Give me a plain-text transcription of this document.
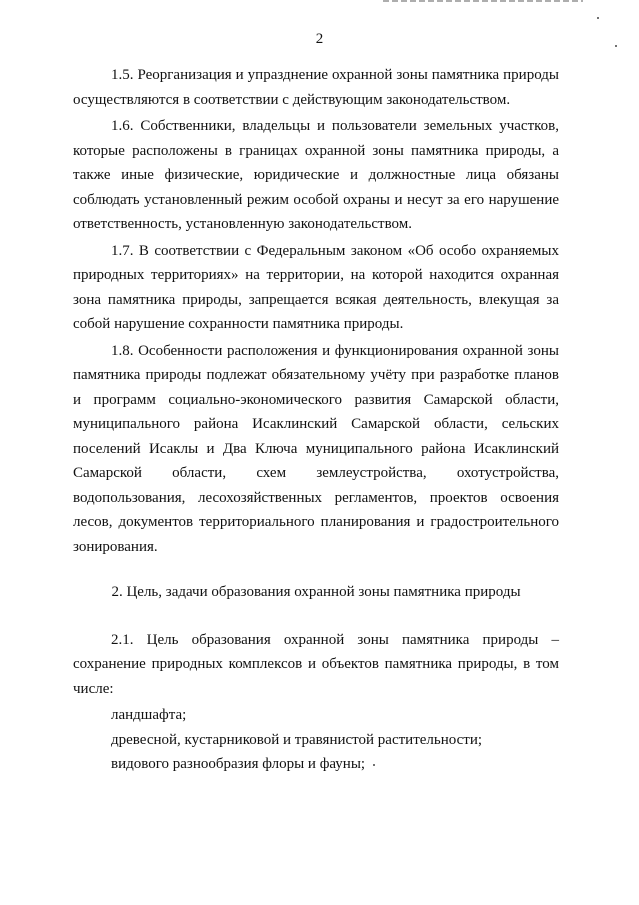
2

1.5. Реорганизация и упразднение охранной зоны памятника природы осуществляются в соответствии с действующим законодательством.

1.6. Собственники, владельцы и пользователи земельных участков, которые расположены в границах охранной зоны памятника природы, а также иные физические, юридические и должностные лица обязаны соблюдать установленный режим особой охраны и несут за его нарушение ответственность, установленную законодательством.

1.7. В соответствии с Федеральным законом «Об особо охраняемых природных территориях» на территории, на которой находится охранная зона памятника природы, запрещается всякая деятельность, влекущая за собой нарушение сохранности памятника природы.

1.8. Особенности расположения и функционирования охранной зоны памятника природы подлежат обязательному учёту при разработке планов и программ социально-экономического развития Самарской области, муниципального района Исаклинский Самарской области, сельских поселений Исаклы и Два Ключа муниципального района Исаклинский Самарской области, схем землеустройства, охотустройства, водопользования, лесохозяйственных регламентов, проектов освоения лесов, документов территориального планирования и градостроительного зонирования.

2. Цель, задачи образования охранной зоны памятника природы

2.1. Цель образования охранной зоны памятника природы – сохранение природных комплексов и объектов памятника природы, в том числе:

ландшафта;

древесной, кустарниковой и травянистой растительности;

видового разнообразия флоры и фауны;
